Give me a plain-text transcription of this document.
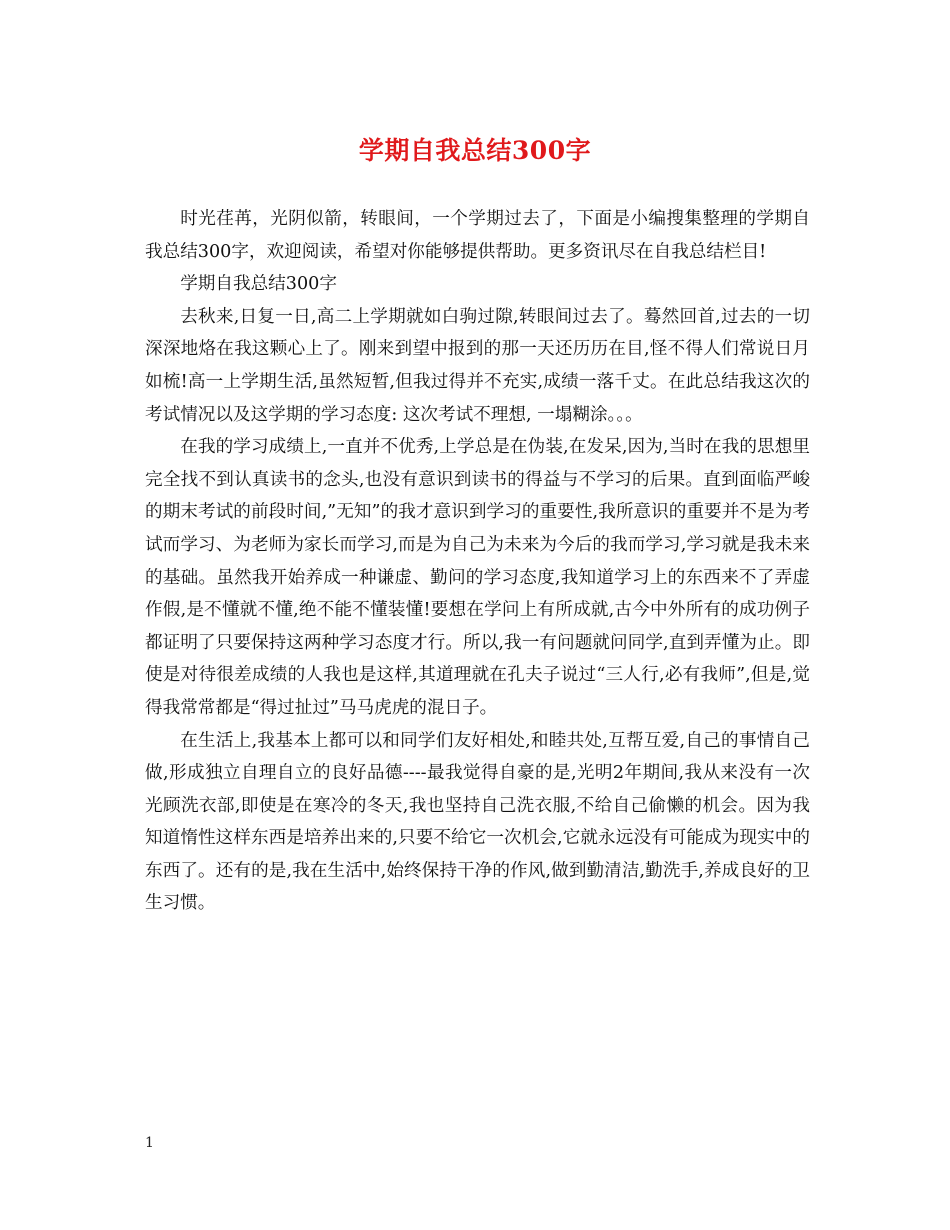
学期自我总结300字

时光荏苒，光阴似箭，转眼间，一个学期过去了，下面是小编搜集整理的学期自我总结300字，欢迎阅读，希望对你能够提供帮助。更多资讯尽在自我总结栏目!

学期自我总结300字

去秋来,日复一日,高二上学期就如白驹过隙,转眼间过去了。蓦然回首,过去的一切深深地烙在我这颗心上了。刚来到望中报到的那一天还历历在目,怪不得人们常说日月如梳!高一上学期生活,虽然短暂,但我过得并不充实,成绩一落千丈。在此总结我这次的考试情况以及这学期的学习态度: 这次考试不理想, 一塌糊涂。。。

在我的学习成绩上,一直并不优秀,上学总是在伪装,在发呆,因为,当时在我的思想里完全找不到认真读书的念头,也没有意识到读书的得益与不学习的后果。直到面临严峻的期末考试的前段时间,”无知”的我才意识到学习的重要性,我所意识的重要并不是为考试而学习、为老师为家长而学习,而是为自己为未来为今后的我而学习,学习就是我未来的基础。虽然我开始养成一种谦虚、勤问的学习态度,我知道学习上的东西来不了弄虚作假,是不懂就不懂,绝不能不懂装懂!要想在学问上有所成就,古今中外所有的成功例子都证明了只要保持这两种学习态度才行。所以,我一有问题就问同学,直到弄懂为止。即使是对待很差成绩的人我也是这样,其道理就在孔夫子说过“三人行,必有我师”,但是,觉得我常常都是“得过扯过”马马虎虎的混日子。

在生活上,我基本上都可以和同学们友好相处,和睦共处,互帮互爱,自己的事情自己做,形成独立自理自立的良好品德----最我觉得自豪的是,光明2年期间,我从来没有一次光顾洗衣部,即使是在寒冷的冬天,我也坚持自己洗衣服,不给自己偷懒的机会。因为我知道惰性这样东西是培养出来的,只要不给它一次机会,它就永远没有可能成为现实中的东西了。还有的是,我在生活中,始终保持干净的作风,做到勤清洁,勤洗手,养成良好的卫生习惯。

1
